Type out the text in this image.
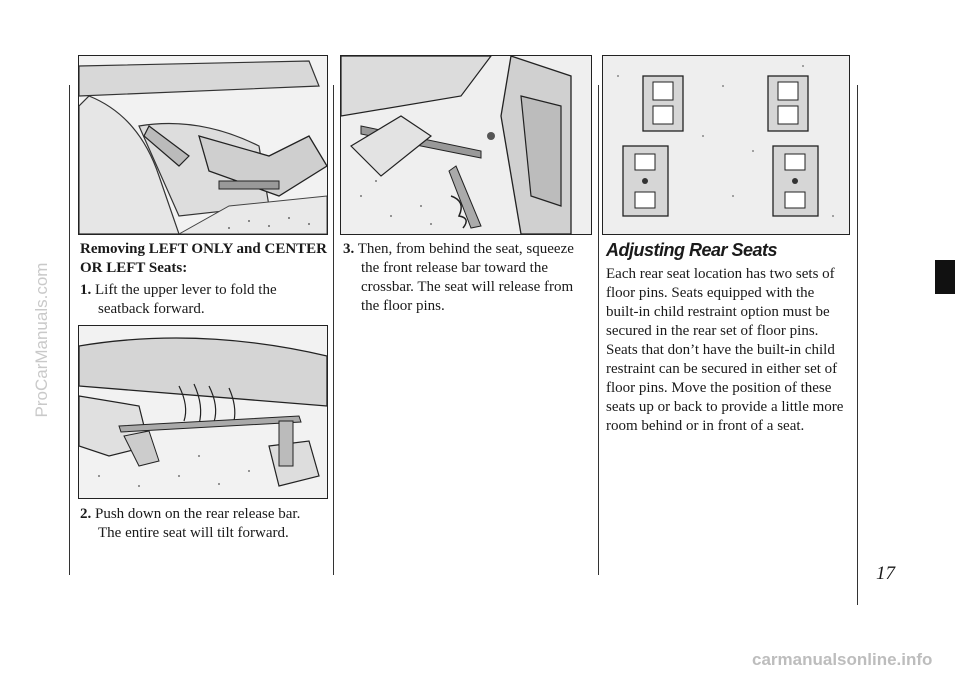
Removing LEFT ONLY and CENTER
OR LEFT Seats:
1. Lift the upper lever to fold the
seatback forward.
2. Push down on the rear release bar.
The entire seat will tilt forward.
3. Then, from behind the seat, squeeze
the front release bar toward the
crossbar. The seat will release from
the floor pins.
Adjusting Rear Seats
Each rear seat location has two sets of
floor pins. Seats equipped with the
built-in child restraint option must be
secured in the rear set of floor pins.
Seats that don’t have the built-in child
restraint can be secured in either set of
floor pins. Move the position of these
seats up or back to provide a little more
room behind or in front of a seat.
17
ProCarManuals.com
carmanualsonline.info
